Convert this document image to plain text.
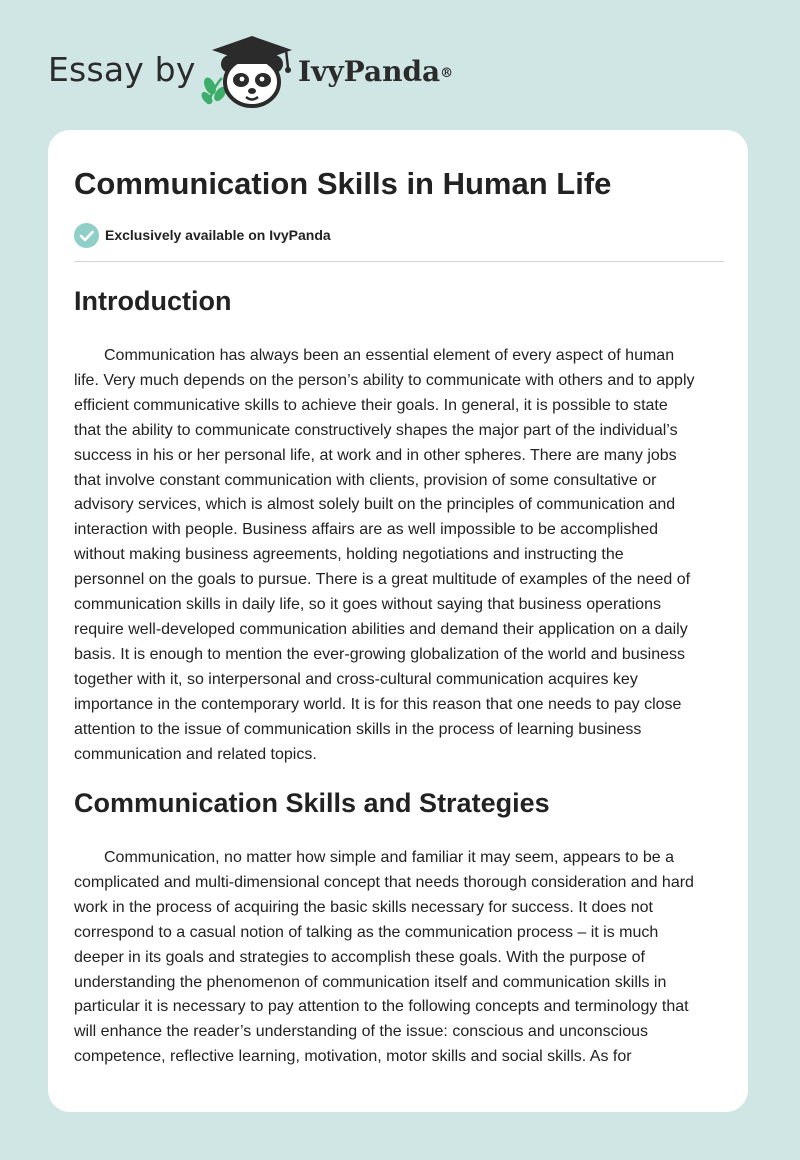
Essay by	IvyPanda®
Communication Skills in Human Life
Exclusively available on IvyPanda
Introduction

Communication has always been an essential element of every aspect of human
life. Very much depends on the person’s ability to communicate with others and to apply
efficient communicative skills to achieve their goals. In general, it is possible to state
that the ability to communicate constructively shapes the major part of the individual’s
success in his or her personal life, at work and in other spheres. There are many jobs
that involve constant communication with clients, provision of some consultative or
advisory services, which is almost solely built on the principles of communication and
interaction with people. Business affairs are as well impossible to be accomplished
without making business agreements, holding negotiations and instructing the
personnel on the goals to pursue. There is a great multitude of examples of the need of
communication skills in daily life, so it goes without saying that business operations
require well-developed communication abilities and demand their application on a daily
basis. It is enough to mention the ever-growing globalization of the world and business
together with it, so interpersonal and cross-cultural communication acquires key
importance in the contemporary world. It is for this reason that one needs to pay close
attention to the issue of communication skills in the process of learning business
communication and related topics.

Communication Skills and Strategies

Communication, no matter how simple and familiar it may seem, appears to be a
complicated and multi-dimensional concept that needs thorough consideration and hard
work in the process of acquiring the basic skills necessary for success. It does not
correspond to a casual notion of talking as the communication process – it is much
deeper in its goals and strategies to accomplish these goals. With the purpose of
understanding the phenomenon of communication itself and communication skills in
particular it is necessary to pay attention to the following concepts and terminology that
will enhance the reader’s understanding of the issue: conscious and unconscious
competence, reflective learning, motivation, motor skills and social skills. As for
